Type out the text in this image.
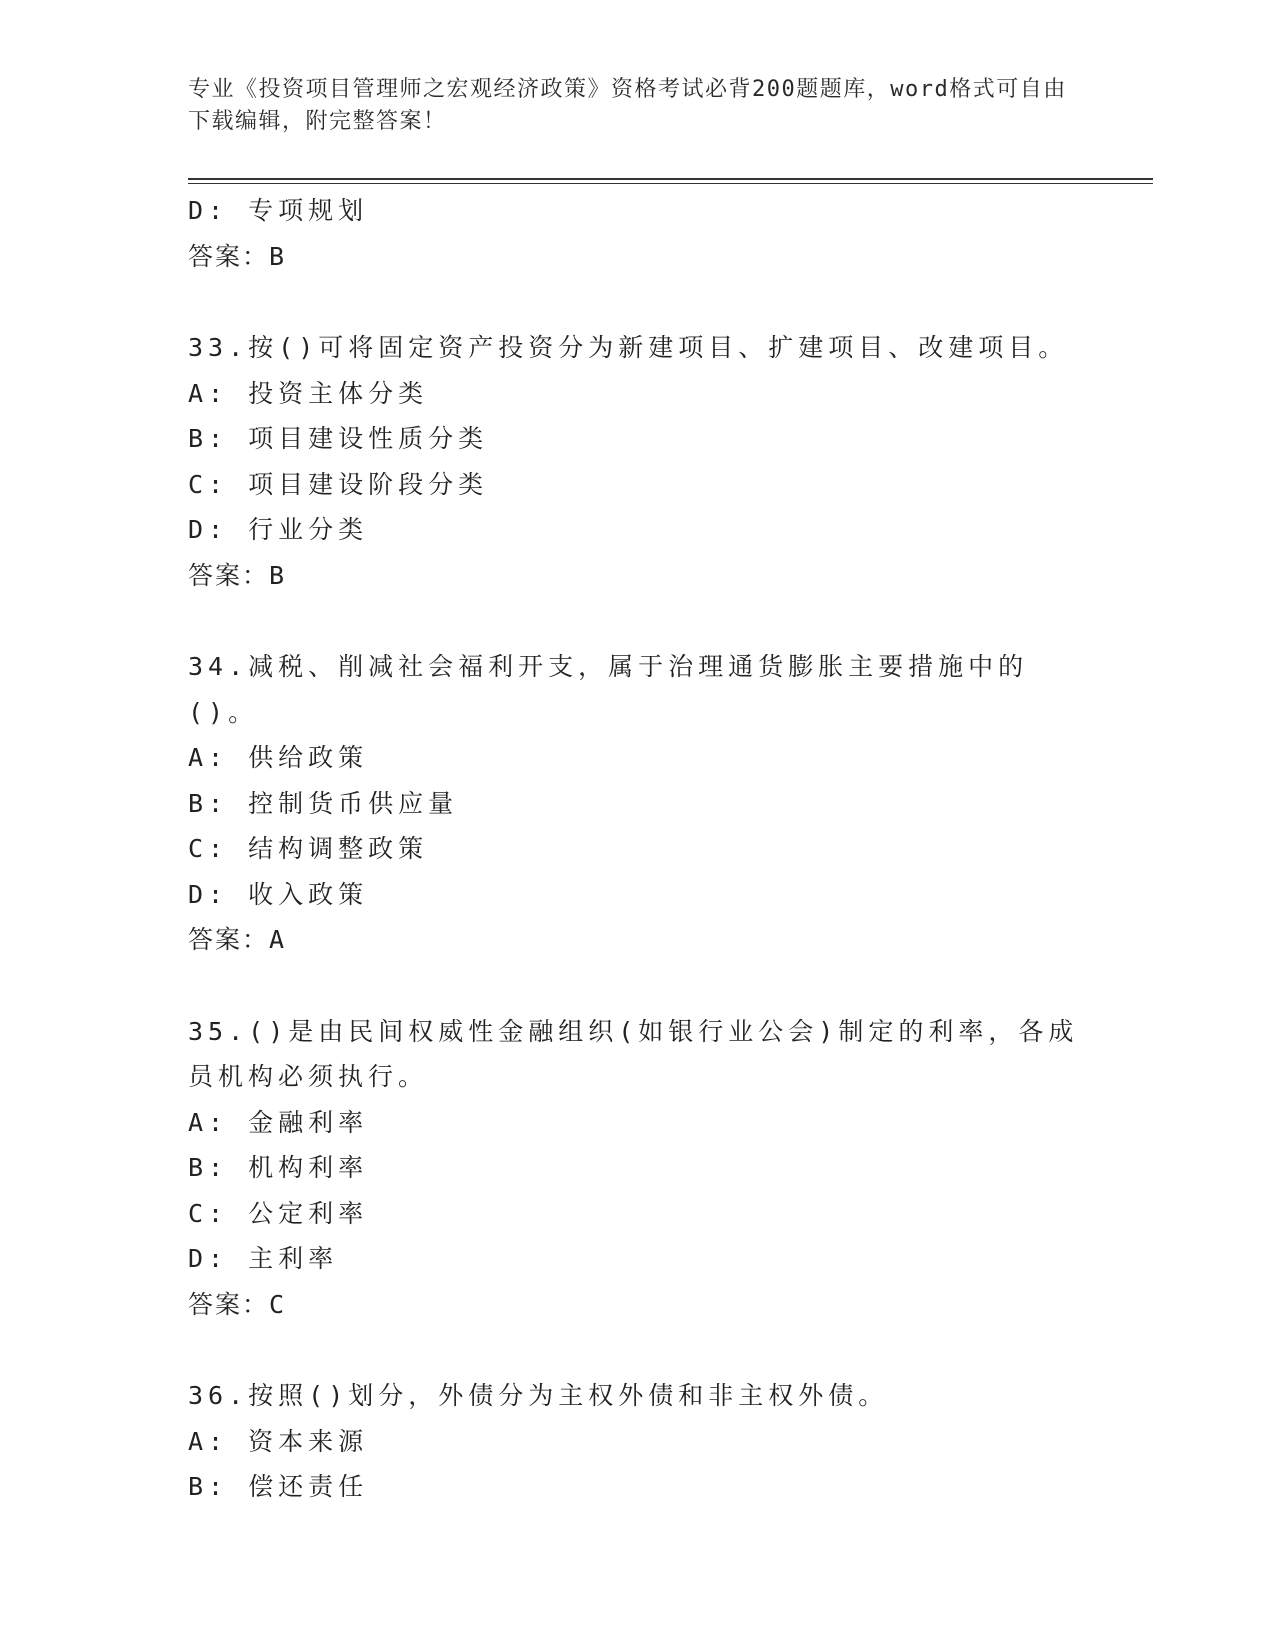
专业《投资项目管理师之宏观经济政策》资格考试必背200题题库，word格式可自由下载编辑，附完整答案！
D: 专项规划
答案：B
33.按()可将固定资产投资分为新建项目、扩建项目、改建项目。
A: 投资主体分类
B: 项目建设性质分类
C: 项目建设阶段分类
D: 行业分类
答案：B
34.减税、削减社会福利开支，属于治理通货膨胀主要措施中的()。
A: 供给政策
B: 控制货币供应量
C: 结构调整政策
D: 收入政策
答案：A
35.()是由民间权威性金融组织(如银行业公会)制定的利率，各成员机构必须执行。
A: 金融利率
B: 机构利率
C: 公定利率
D: 主利率
答案：C
36.按照()划分，外债分为主权外债和非主权外债。
A: 资本来源
B: 偿还责任
